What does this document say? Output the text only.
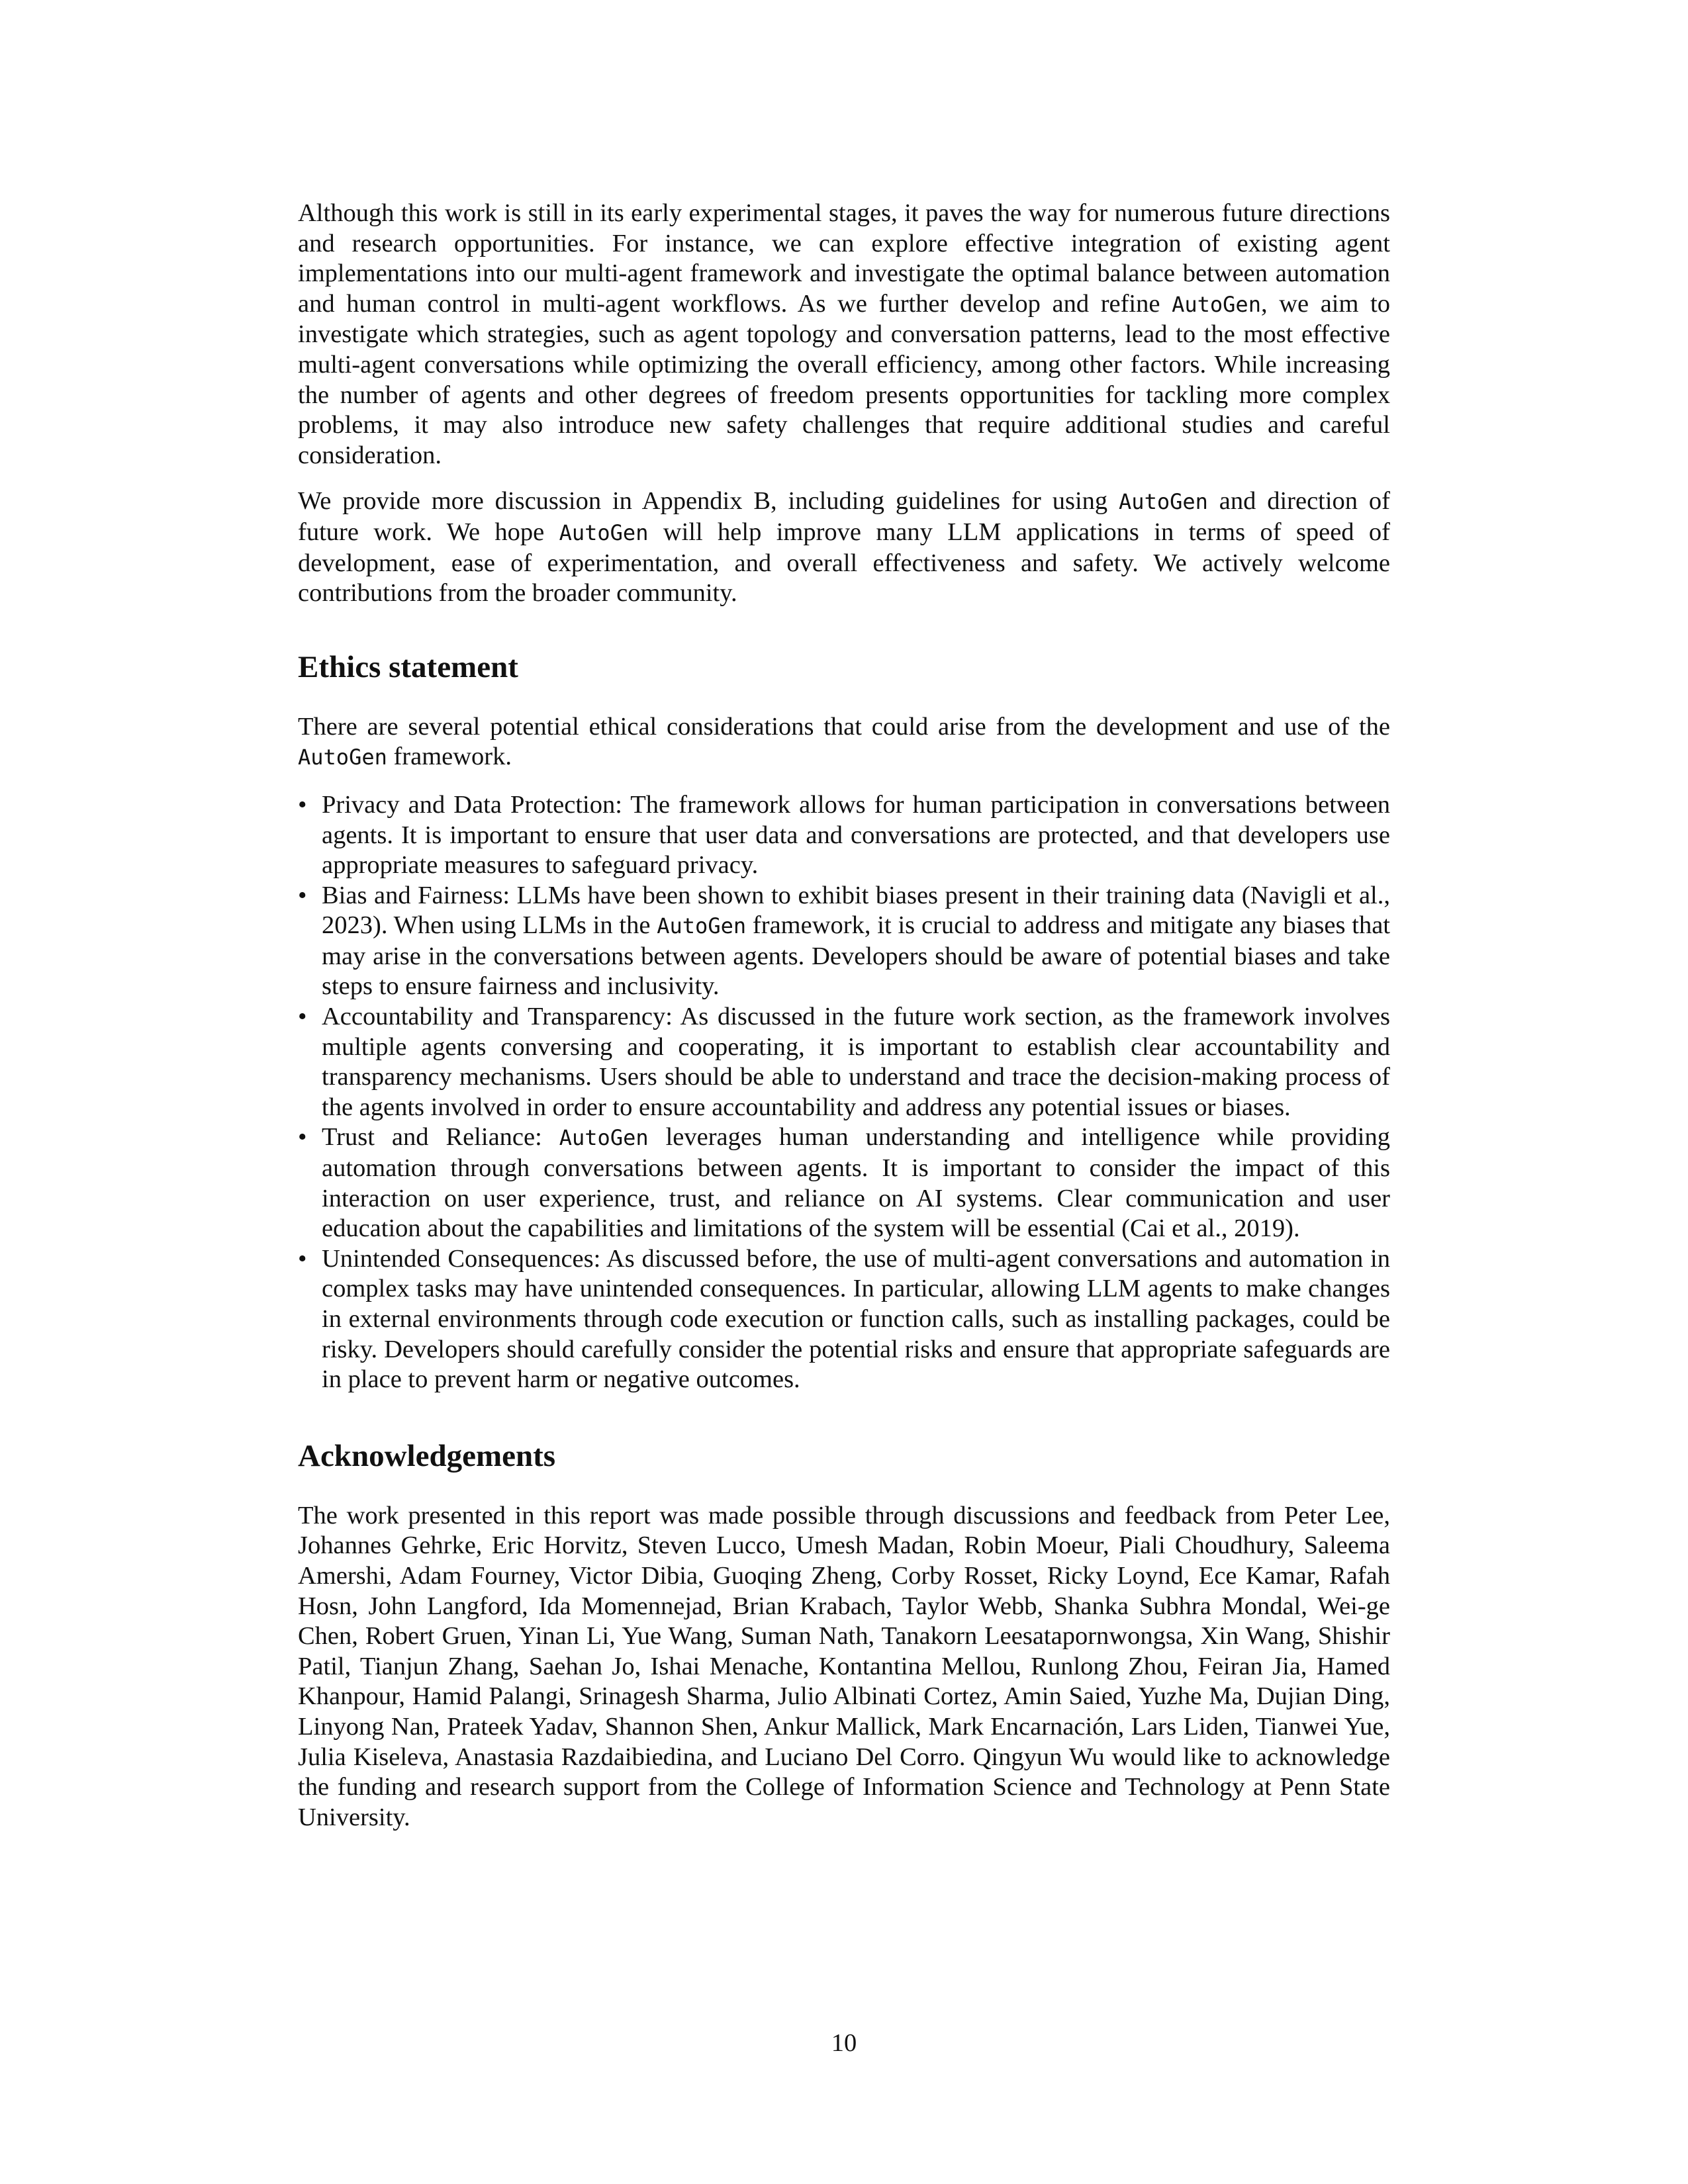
Although this work is still in its early experimental stages, it paves the way for numerous future directions and research opportunities. For instance, we can explore effective integration of existing agent implementations into our multi-agent framework and investigate the optimal balance between automation and human control in multi-agent workflows. As we further develop and refine AutoGen, we aim to investigate which strategies, such as agent topology and conversation patterns, lead to the most effective multi-agent conversations while optimizing the overall efficiency, among other factors. While increasing the number of agents and other degrees of freedom presents opportunities for tackling more complex problems, it may also introduce new safety challenges that require additional studies and careful consideration.

We provide more discussion in Appendix B, including guidelines for using AutoGen and direction of future work. We hope AutoGen will help improve many LLM applications in terms of speed of development, ease of experimentation, and overall effectiveness and safety. We actively welcome contributions from the broader community.

Ethics statement

There are several potential ethical considerations that could arise from the development and use of the AutoGen framework.

• Privacy and Data Protection: The framework allows for human participation in conversations between agents. It is important to ensure that user data and conversations are protected, and that developers use appropriate measures to safeguard privacy.

• Bias and Fairness: LLMs have been shown to exhibit biases present in their training data (Navigli et al., 2023). When using LLMs in the AutoGen framework, it is crucial to address and mitigate any biases that may arise in the conversations between agents. Developers should be aware of potential biases and take steps to ensure fairness and inclusivity.

• Accountability and Transparency: As discussed in the future work section, as the framework involves multiple agents conversing and cooperating, it is important to establish clear accountability and transparency mechanisms. Users should be able to understand and trace the decision-making process of the agents involved in order to ensure accountability and address any potential issues or biases.

• Trust and Reliance: AutoGen leverages human understanding and intelligence while providing automation through conversations between agents. It is important to consider the impact of this interaction on user experience, trust, and reliance on AI systems. Clear communication and user education about the capabilities and limitations of the system will be essential (Cai et al., 2019).

• Unintended Consequences: As discussed before, the use of multi-agent conversations and automation in complex tasks may have unintended consequences. In particular, allowing LLM agents to make changes in external environments through code execution or function calls, such as installing packages, could be risky. Developers should carefully consider the potential risks and ensure that appropriate safeguards are in place to prevent harm or negative outcomes.

Acknowledgements

The work presented in this report was made possible through discussions and feedback from Peter Lee, Johannes Gehrke, Eric Horvitz, Steven Lucco, Umesh Madan, Robin Moeur, Piali Choudhury, Saleema Amershi, Adam Fourney, Victor Dibia, Guoqing Zheng, Corby Rosset, Ricky Loynd, Ece Kamar, Rafah Hosn, John Langford, Ida Momennejad, Brian Krabach, Taylor Webb, Shanka Subhra Mondal, Wei-ge Chen, Robert Gruen, Yinan Li, Yue Wang, Suman Nath, Tanakorn Leesatapornwongsa, Xin Wang, Shishir Patil, Tianjun Zhang, Saehan Jo, Ishai Menache, Kontantina Mellou, Runlong Zhou, Feiran Jia, Hamed Khanpour, Hamid Palangi, Srinagesh Sharma, Julio Albinati Cortez, Amin Saied, Yuzhe Ma, Dujian Ding, Linyong Nan, Prateek Yadav, Shannon Shen, Ankur Mallick, Mark Encarnación, Lars Liden, Tianwei Yue, Julia Kiseleva, Anastasia Razdaibiedina, and Luciano Del Corro. Qingyun Wu would like to acknowledge the funding and research support from the College of Information Science and Technology at Penn State University.

10
